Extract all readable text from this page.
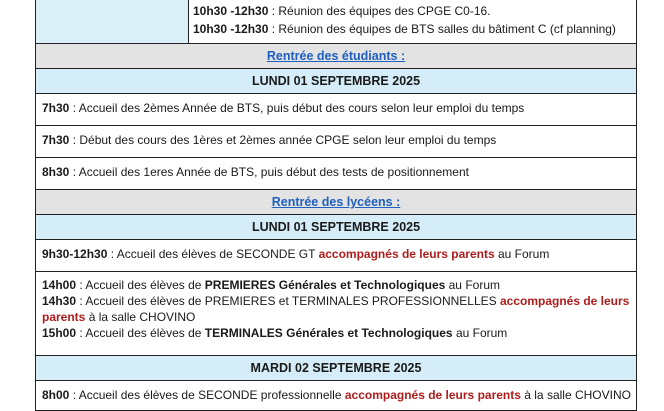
10h30 -12h30 : Réunion des équipes des CPGE C0-16.
10h30 -12h30 : Réunion des équipes de BTS salles du bâtiment C (cf planning)
Rentrée des étudiants :
LUNDI 01 SEPTEMBRE 2025
7h30 : Accueil des 2èmes Année de BTS, puis début des cours selon leur emploi du temps
7h30 : Début des cours des 1ères et 2èmes année CPGE selon leur emploi du temps
8h30 : Accueil des 1eres Année de BTS, puis début des tests de positionnement
Rentrée des lycéens :
LUNDI 01 SEPTEMBRE 2025
9h30-12h30 : Accueil des élèves de SECONDE GT accompagnés de leurs parents au Forum
14h00 : Accueil des élèves de PREMIERES Générales et Technologiques au Forum
14h30 : Accueil des élèves de PREMIERES et TERMINALES PROFESSIONNELLES accompagnés de leurs parents à la salle CHOVINO
15h00 : Accueil des élèves de TERMINALES Générales et Technologiques au Forum
MARDI 02 SEPTEMBRE 2025
8h00 : Accueil des élèves de SECONDE professionnelle accompagnés de leurs parents à la salle CHOVINO
